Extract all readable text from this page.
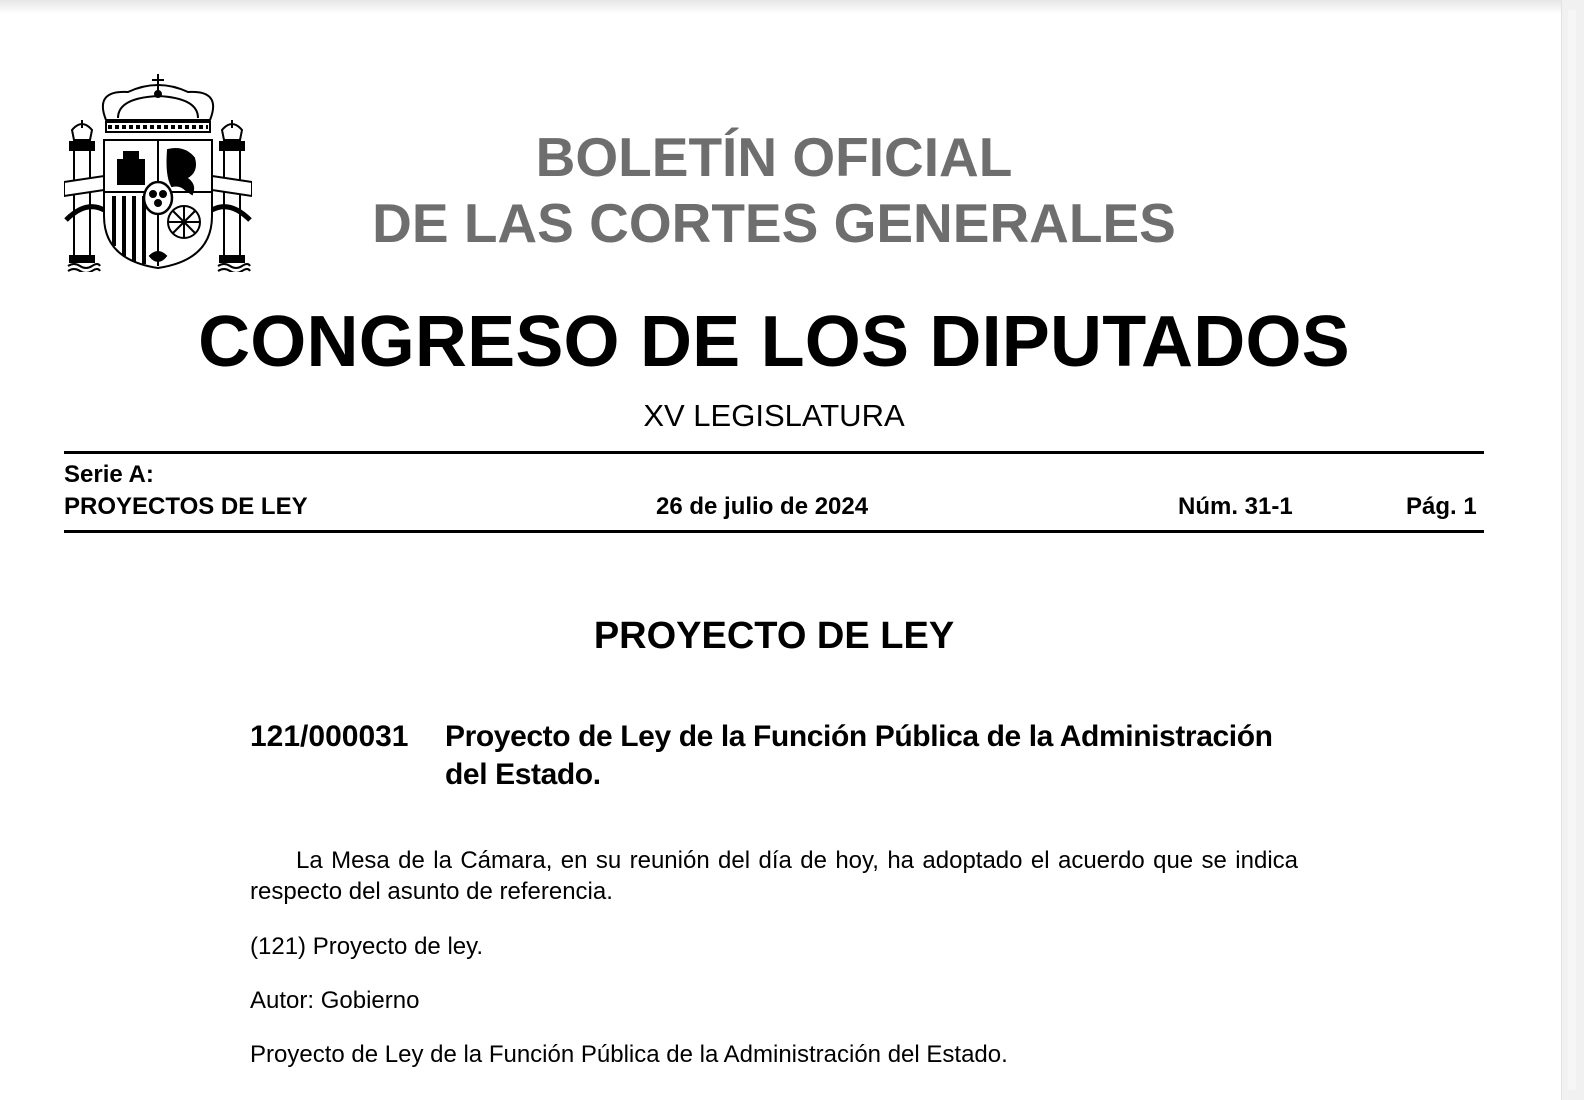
BOLETÍN OFICIAL
DE LAS CORTES GENERALES
CONGRESO DE LOS DIPUTADOS
XV LEGISLATURA
Serie A:
PROYECTOS DE LEY	26 de julio de 2024	Núm. 31-1	Pág. 1
PROYECTO DE LEY
121/000031 Proyecto de Ley de la Función Pública de la Administración
del Estado.
La Mesa de la Cámara, en su reunión del día de hoy, ha adoptado el acuerdo que se indica respecto del asunto de referencia.
(121) Proyecto de ley.
Autor: Gobierno
Proyecto de Ley de la Función Pública de la Administración del Estado.
